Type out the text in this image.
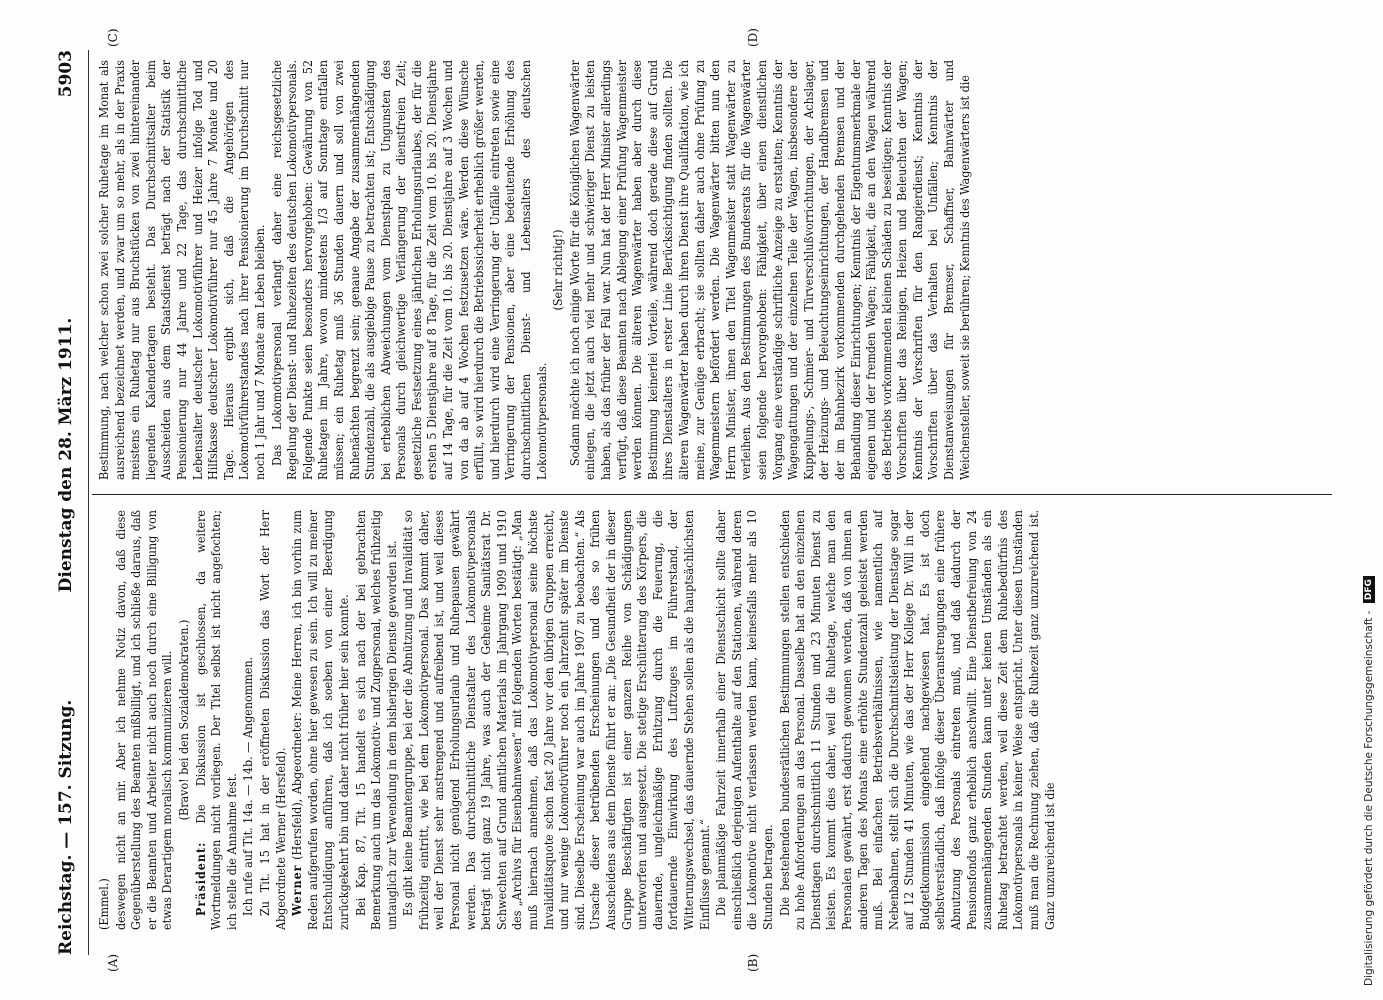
Reichstag. — 157. Sitzung.
Dienstag den 28. März 1911.
5903
(A)	(B)
(C)	(D)

(Emmel.) deswegen nicht an mir. Aber ich nehme Notiz davon, daß diese Gegenüberstellung des Beamten mißbilligt, und ich schließe daraus, daß er die Beamten und Arbeiter nicht auch noch durch eine Billigung von etwas Derartigem moralisch kommunizieren will. (Bravo! bei den Sozialdemokraten.)

Präsident: Die Diskussion ist geschlossen, da weitere Wortmeldungen nicht vorliegen. Der Titel selbst ist nicht angefochten; ich stelle die Annahme fest. Ich rufe auf Tit. 14a. — 14b. — Angenommen. Zu Tit. 15 hat in der eröffneten Diskussion das Wort der Herr Abgeordnete Werner (Hersfeld). Werner (Hersfeld), Abgeordneter: Meine Herren, ich bin vorhin zum Reden aufgerufen worden, ohne hier gewesen zu sein. Ich will zu meiner Entschuldigung anführen, daß ich soeben von einer Beerdigung zurückgekehrt bin und daher nicht früher hier sein konnte. Bei Kap. 87, Tit. 15 handelt es sich nach der bei gebrachten Bemerkung auch um das Lokomotiv- und Zugpersonal, welches frühzeitig untauglich zur Verwendung in dem bisherigen Dienste geworden ist. Es gibt keine Beamtengruppe, bei der die Abnützung und Invalidität so frühzeitig eintritt, wie bei dem Lokomotivpersonal. Das kommt daher, weil der Dienst sehr anstrengend und aufreibend ist, und weil dieses Personal nicht genügend Erholungsurlaub und Ruhepausen gewährt werden. Das durchschnittliche Dienstalter des Lokomotivpersonals beträgt nicht ganz 19 Jahre, was auch der Geheime Sanitätsrat Dr. Schwechten auf Grund amtlichen Materials im Jahrgang 1909 und 1910 des „Archivs für Eisenbahnwesen“ mit folgenden Worten bestätigt: „Man muß hiernach annehmen, daß das Lokomotivpersonal seine höchste Invaliditätsquote schon fast 20 Jahre vor den übrigen Gruppen erreicht, und nur wenige Lokomotivführer noch ein Jahrzehnt später im Dienste sind. Dieselbe Erscheinung war auch im Jahre 1907 zu beobachten.“ Als Ursache dieser betrübenden Erscheinungen und des so frühen Ausscheidens aus dem Dienste führt er an: „Die Gesundheit der in dieser Gruppe Beschäftigten ist einer ganzen Reihe von Schädigungen unterworfen und ausgesetzt. Die stetige Erschütterung des Körpers, die dauernde, ungleichmäßige Erhitzung durch die Feuerung, die fortdauernde Einwirkung des Luftzuges im Führerstand, der Witterungswechsel, das dauernde Stehen sollen als die hauptsächlichsten Einflüsse genannt.“ Die planmäßige Fahrzeit innerhalb einer Dienstschicht sollte daher einschließlich derjenigen Aufenthalte auf den Stationen, während deren die Lokomotive nicht verlassen werden kann, keinesfalls mehr als 10 Stunden betragen. Die bestehenden bundesrätlichen Bestimmungen stellen entschieden zu hohe Anforderungen an das Personal. Dasselbe hat an den einzelnen Diensttagen durchschnittlich 11 Stunden und 23 Minuten Dienst zu leisten. Es kommt dies daher, weil die Ruhetage, welche man den Personalen gewährt, erst dadurch gewonnen werden, daß von ihnen an anderen Tagen des Monats eine erhöhte Stundenzahl geleistet werden muß. Bei einfachen Betriebsverhältnissen, wie namentlich auf Nebenbahnen, stellt sich die Durchschnittsleistung der Dienstage sogar auf 12 Stunden 41 Minuten, wie das der Herr Kollege Dr. Will in der Budgetkommission eingehend nachgewiesen hat. Es ist doch selbstverständlich, daß infolge dieser Überanstrengungen eine frühere Abnutzung des Personals eintreten muß, und daß dadurch der Pensionsfonds ganz erheblich anschwillt. Eine Dienstbefreiung von 24 zusammenhängenden Stunden kann unter keinen Umständen als ein Ruhetag betrachtet werden, weil diese Zeit dem Ruhebedürfnis des Lokomotivpersonals in keiner Weise entspricht. Unter diesen Umständen muß man die Rechnung ziehen, daß die Ruhezeit ganz unzureichend ist. Ganz unzureichend ist die

Bestimmung, nach welcher schon zwei solcher Ruhetage im Monat als ausreichend bezeichnet werden, und zwar um so mehr, als in der Praxis meistens ein Ruhetag nur aus Bruchstücken von zwei hintereinander liegenden Kalendertagen besteht. Das Durchschnittsalter beim Ausscheiden aus dem Staatsdienst beträgt nach der Statistik der Pensionierung nur 44 Jahre und 22 Tage, das durchschnittliche Lebensalter deutscher Lokomotivführer und Heizer infolge Tod und Hilfskasse deutscher Lokomotivführer nur 45 Jahre 7 Monate und 20 Tage. Hieraus ergibt sich, daß die Angehörigen des Lokomotivführerstandes nach ihrer Pensionierung im Durchschnitt nur noch 1 Jahr und 7 Monate am Leben bleiben. Das Lokomotivpersonal verlangt daher eine reichsgesetzliche Regelung der Dienst- und Ruhezeiten des deutschen Lokomotivpersonals. Folgende Punkte seien besonders hervorgehoben: Gewährung von 52 Ruhetagen im Jahre, wovon mindestens 1/3 auf Sonntage entfallen müssen; ein Ruhetag muß 36 Stunden dauern und soll von zwei Ruhenächten begrenzt sein; genaue Angabe der zusammenhängenden Stundenzahl, die als ausgiebige Pause zu betrachten ist; Entschädigung bei erheblichen Abweichungen vom Dienstplan zu Ungunsten des Personals durch gleichwertige Verlängerung der dienstfreien Zeit; gesetzliche Festsetzung eines jährlichen Erholungsurlaubes, der für die ersten 5 Dienstjahre auf 8 Tage, für die Zeit vom 10. bis 20. Dienstjahre auf 14 Tage, für die Zeit vom 10. bis 20. Dienstjahre auf 3 Wochen und von da ab auf 4 Wochen festzusetzen wäre. Werden diese Wünsche erfüllt, so wird hierdurch die Betriebssicherheit erheblich größer werden, und hierdurch wird eine Verringerung der Unfälle eintreten sowie eine Verringerung der Pensionen, aber eine bedeutende Erhöhung des durchschnittlichen Dienst- und Lebensalters des deutschen Lokomotivpersonals.

(Sehr richtig!) Sodann möchte ich noch einige Worte für die Königlichen Wagenwärter einlegen, die jetzt auch viel mehr und schwieriger Dienst zu leisten haben, als das früher der Fall war. Nun hat der Herr Minister allerdings verfügt, daß diese Beamten nach Ablegung einer Prüfung Wagenmeister werden können. Die älteren Wagenwärter haben aber durch diese Bestimmung keinerlei Vorteile, während doch gerade diese auf Grund ihres Dienstalters in erster Linie Berücksichtigung finden sollten. Die älteren Wagenwärter haben durch ihren Dienst ihre Qualifikation, wie ich meine, zur Genüge erbracht; sie sollten daher auch ohne Prüfung zu Wagenmeistern befördert werden. Die Wagenwärter bitten nun den Herrn Minister, ihnen den Titel Wagenmeister statt Wagenwärter zu verleihen. Aus den Bestimmungen des Bundesrats für die Wagenwärter seien folgende hervorgehoben: Fähigkeit, über einen dienstlichen Vorgang eine verständige schriftliche Anzeige zu erstatten; Kenntnis der Wagengattungen und der einzelnen Teile der Wagen, insbesondere der Kuppelungs-, Schmier- und Türverschlußvorrichtungen, der Achslager, der Heizungs- und Beleuchtungseinrichtungen, der Handbremsen und der im Bahnbezirk vorkommenden durchgehenden Bremsen und der Behandlung dieser Einrichtungen; Kenntnis der Eigentumsmerkmale der eigenen und der fremden Wagen; Fähigkeit, die an den Wagen während des Betriebs vorkommenden kleinen Schäden zu beseitigen; Kenntnis der Vorschriften über das Reinigen, Heizen und Beleuchten der Wagen; Kenntnis der Vorschriften für den Rangierdienst; Kenntnis der Vorschriften über das Verhalten bei Unfällen; Kenntnis der Dienstanweisungen für Bremser, Schaffner, Bahnwärter und Weichensteller, soweit sie berühren; Kenntnis des Wagenwärters ist die

Digitalisierung gefördert durch die Deutsche Forschungsgemeinschaft - DFG
